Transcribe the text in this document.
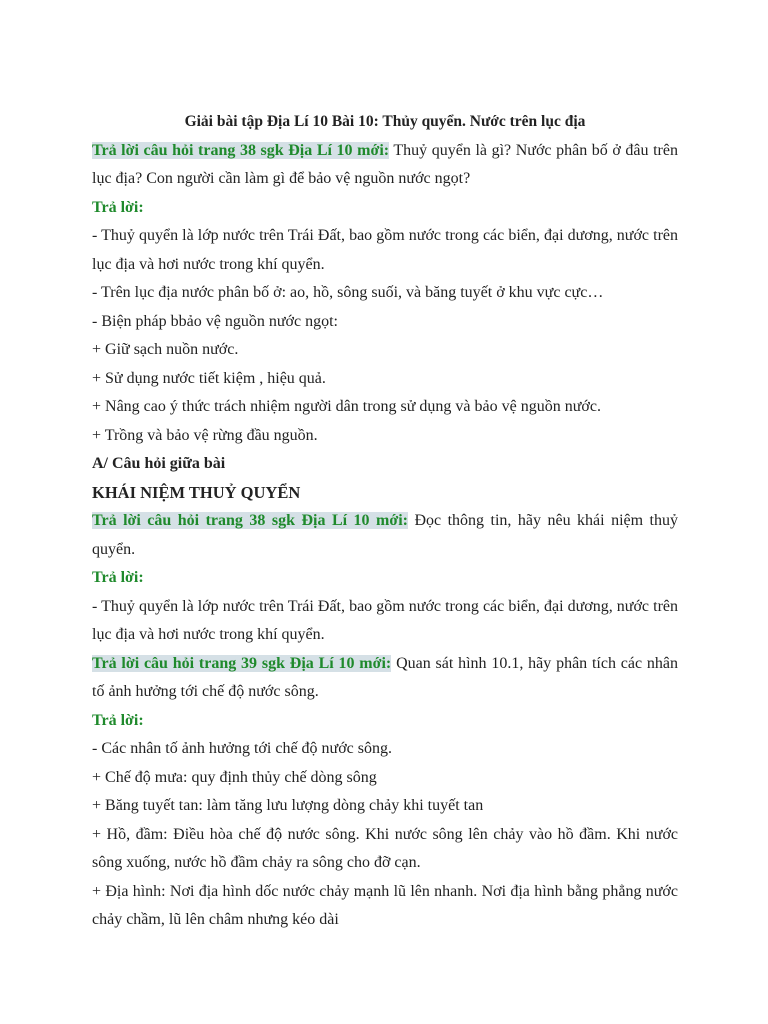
Giải bài tập Địa Lí 10 Bài 10: Thủy quyển. Nước trên lục địa

Trả lời câu hỏi trang 38 sgk Địa Lí 10 mới: Thuỷ quyển là gì? Nước phân bố ở đâu trên lục địa? Con người cần làm gì để bảo vệ nguồn nước ngọt?

Trả lời:

- Thuỷ quyển là lớp nước trên Trái Đất, bao gồm nước trong các biển, đại dương, nước trên lục địa và hơi nước trong khí quyển.

- Trên lục địa nước phân bố ở: ao, hồ, sông suối, và băng tuyết ở khu vực cực…

- Biện pháp bbảo vệ nguồn nước ngọt:

+ Giữ sạch nuồn nước.

+ Sử dụng nước tiết kiệm , hiệu quả.

+ Nâng cao ý thức trách nhiệm người dân trong sử dụng và bảo vệ nguồn nước.

+ Trồng và bảo vệ rừng đầu nguồn.

A/ Câu hỏi giữa bài

KHÁI NIỆM THUỶ QUYỂN

Trả lời câu hỏi trang 38 sgk Địa Lí 10 mới: Đọc thông tin, hãy nêu khái niệm thuỷ quyển.

Trả lời:

- Thuỷ quyển là lớp nước trên Trái Đất, bao gồm nước trong các biển, đại dương, nước trên lục địa và hơi nước trong khí quyển.

Trả lời câu hỏi trang 39 sgk Địa Lí 10 mới: Quan sát hình 10.1, hãy phân tích các nhân tố ảnh hưởng tới chế độ nước sông.

Trả lời:

- Các nhân tố ảnh hưởng tới chế độ nước sông.

+ Chế độ mưa: quy định thủy chế dòng sông

+ Băng tuyết tan: làm tăng lưu lượng dòng chảy khi tuyết tan

+ Hồ, đầm: Điều hòa chế độ nước sông. Khi nước sông lên chảy vào hồ đầm. Khi nước sông xuống, nước hồ đầm chảy ra sông cho đỡ cạn.

+ Địa hình: Nơi địa hình dốc nước chảy mạnh lũ lên nhanh. Nơi địa hình bằng phẳng nước chảy chầm, lũ lên châm nhưng kéo dài
